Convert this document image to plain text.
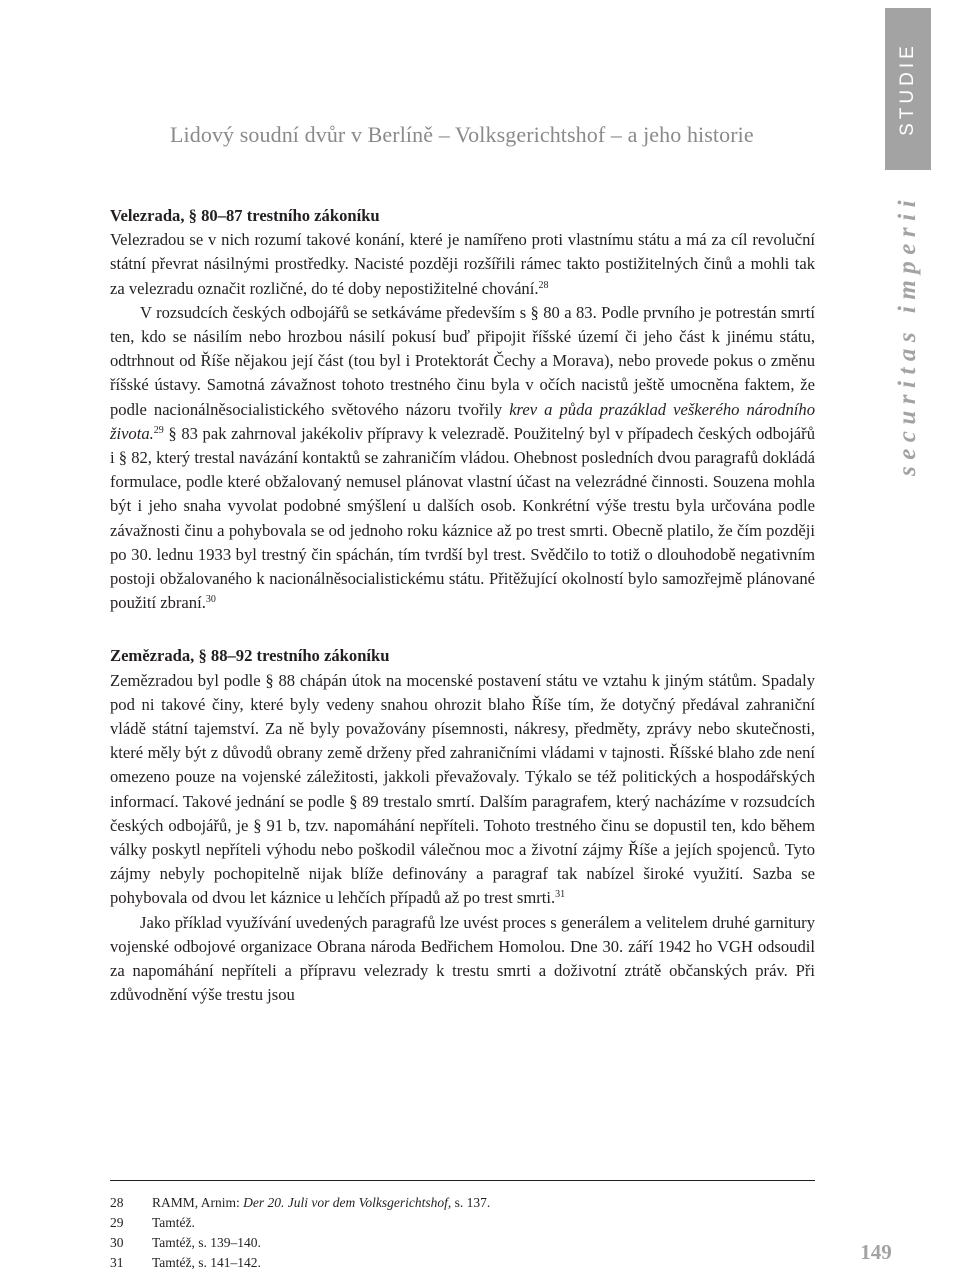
Lidový soudní dvůr v Berlíně – Volksgerichtshof – a jeho historie	STUDIE
securitas imperii
Velezrada, § 80–87 trestního zákoníku

Velezradou se v nich rozumí takové konání, které je namířeno proti vlastnímu státu a má za cíl revoluční státní převrat násilnými prostředky. Nacisté později rozšířili rámec takto postižitelných činů a mohli tak za velezradu označit rozličné, do té doby nepostižitelné chování.$^{28}$

V rozsudcích českých odbojářů se setkáváme především s § 80 a 83. Podle prvního je potrestán smrtí ten, kdo se násilím nebo hrozbou násilí pokusí buď připojit říšské území či jeho část k jinému státu, odtrhnout od Říše nějakou její část (tou byl i Protektorát Čechy a Morava), nebo provede pokus o změnu říšské ústavy. Samotná závažnost tohoto trestného činu byla v očích nacistů ještě umocněna faktem, že podle nacionálněsocialistického světového názoru tvořily krev a půda prazáklad veškerého národního života.$^{29}$ § 83 pak zahrnoval jakékoliv přípravy k velezradě. Použitelný byl v případech českých odbojářů i § 82, který trestal navázání kontaktů se zahraničím vládou. Ohebnost posledních dvou paragrafů dokládá formulace, podle které obžalovaný nemusel plánovat vlastní účast na velezrádné činnosti. Souzena mohla být i jeho snaha vyvolat podobné smýšlení u dalších osob. Konkrétní výše trestu byla určována podle závažnosti činu a pohybovala se od jednoho roku káznice až po trest smrti. Obecně platilo, že čím později po 30. lednu 1933 byl trestný čin spáchán, tím tvrdší byl trest. Svědčilo to totiž o dlouhodobě negativním postoji obžalovaného k nacionálněsocialistickému státu. Přitěžující okolností bylo samozřejmě plánované použití zbraní.$^{30}$

Zemězrada, § 88–92 trestního zákoníku

Zemězradou byl podle § 88 chápán útok na mocenské postavení státu ve vztahu k jiným státům. Spadaly pod ni takové činy, které byly vedeny snahou ohrozit blaho Říše tím, že dotyčný předával zahraniční vládě státní tajemství. Za ně byly považovány písemnosti, nákresy, předměty, zprávy nebo skutečnosti, které měly být z důvodů obrany země drženy před zahraničními vládami v tajnosti. Říšské blaho zde není omezeno pouze na vojenské záležitosti, jakkoli převažovaly. Týkalo se též politických a hospodářských informací. Takové jednání se podle § 89 trestalo smrtí. Dalším paragrafem, který nacházíme v rozsudcích českých odbojářů, je § 91 b, tzv. napomáhání nepříteli. Tohoto trestného činu se dopustil ten, kdo během války poskytl nepříteli výhodu nebo poškodil válečnou moc a životní zájmy Říše a jejích spojenců. Tyto zájmy nebyly pochopitelně nijak blíže definovány a paragraf tak nabízel široké využití. Sazba se pohybovala od dvou let káznice u lehčích případů až po trest smrti.$^{31}$

Jako příklad využívání uvedených paragrafů lze uvést proces s generálem a velitelem druhé garnitury vojenské odbojové organizace Obrana národa Bedřichem Homolou. Dne 30. září 1942 ho VGH odsoudil za napomáhání nepříteli a přípravu velezrady k trestu smrti a doživotní ztrátě občanských práv. Při zdůvodnění výše trestu jsou

28	RAMM, Arnim: Der 20. Juli vor dem Volksgerichtshof, s. 137.
29	Tamtéž.
30	Tamtéž, s. 139–140.
31	Tamtéž, s. 141–142.	149
